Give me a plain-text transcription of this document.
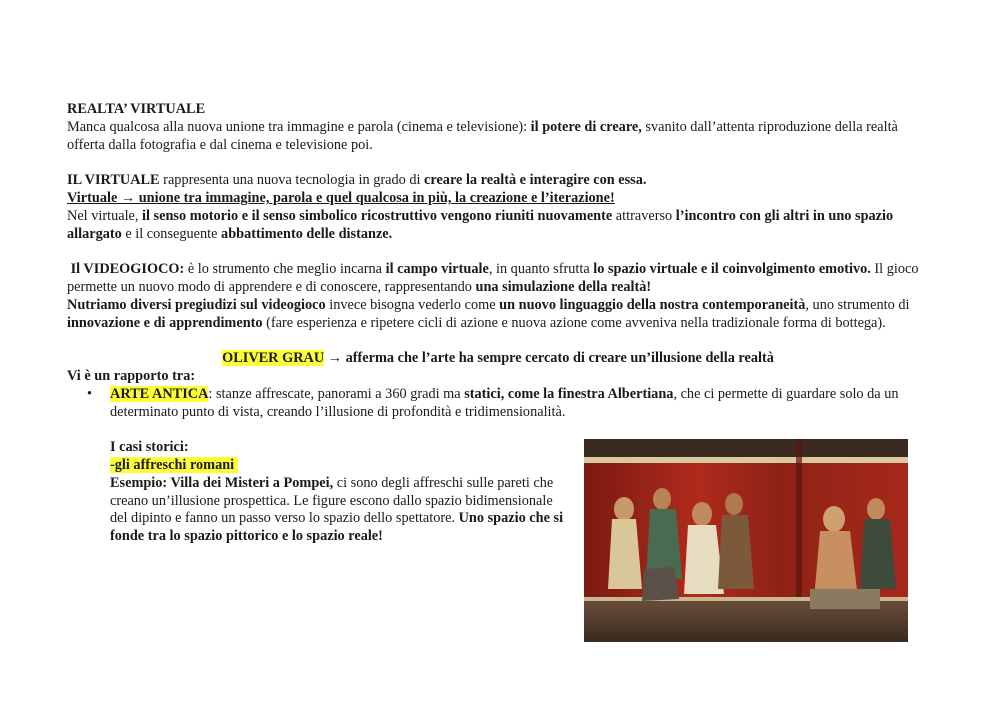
REALTA’ VIRTUALE

Manca qualcosa alla nuova unione tra immagine e parola (cinema e televisione): il potere di creare, svanito dall’attenta riproduzione della realtà offerta dalla fotografia e dal cinema e televisione poi.

IL VIRTUALE rappresenta una nuova tecnologia in grado di creare la realtà e interagire con essa.

Virtuale → unione tra immagine, parola e quel qualcosa in più, la creazione e l’iterazione!

Nel virtuale, il senso motorio e il senso simbolico ricostruttivo vengono riuniti nuovamente attraverso l’incontro con gli altri in uno spazio allargato e il conseguente abbattimento delle distanze.

Il VIDEOGIOCO: è lo strumento che meglio incarna il campo virtuale, in quanto sfrutta lo spazio virtuale e il coinvolgimento emotivo. Il gioco permette un nuovo modo di apprendere e di conoscere, rappresentando una simulazione della realtà!

Nutriamo diversi pregiudizi sul videogioco invece bisogna vederlo come un nuovo linguaggio della nostra contemporaneità, uno strumento di innovazione e di apprendimento (fare esperienza e ripetere cicli di azione e nuova azione come avveniva nella tradizionale forma di bottega).

OLIVER GRAU → afferma che l’arte ha sempre cercato di creare un’illusione della realtà

Vi è un rapporto tra:

• ARTE ANTICA: stanze affrescate, panorami a 360 gradi ma statici, come la finestra Albertiana, che ci permette di guardare solo da un determinato punto di vista, creando l’illusione di profondità e tridimensionalità.

I casi storici:

-gli affreschi romani

Esempio: Villa dei Misteri a Pompei, ci sono degli affreschi sulle pareti che creano un’illusione prospettica. Le figure escono dallo spazio bidimensionale del dipinto e fanno un passo verso lo spazio dello spettatore. Uno spazio che si fonde tra lo spazio pittorico e lo spazio reale!
